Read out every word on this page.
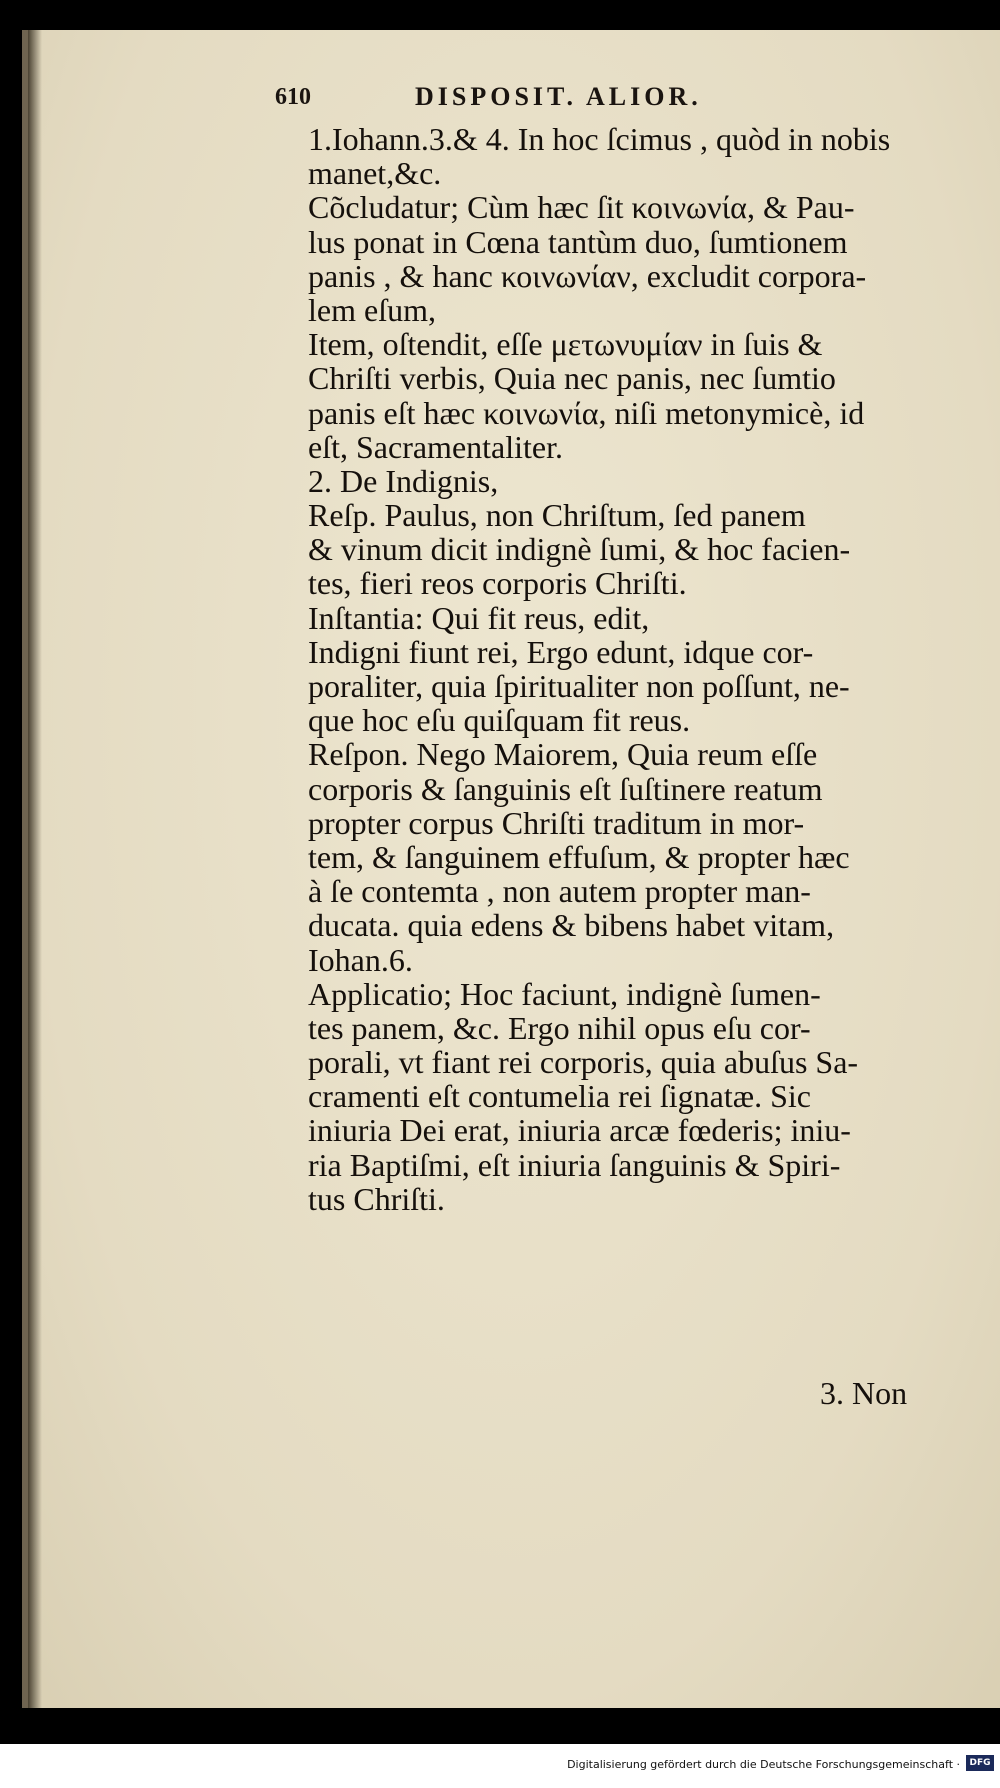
610	DISPOSIT. ALIOR.
1.Iohann.3.& 4. In hoc ſcimus , quòd in nobis
manet,&c.
Cõcludatur; Cùm hæc ſit κοινωνία, & Pau-
lus ponat in Cœna tantùm duo, ſumtionem
panis , & hanc κοινωνίαν, excludit corpora-
lem eſum,
Item, oſtendit, eſſe μετωνυμίαν in ſuis &
Chriſti verbis, Quia nec panis, nec ſumtio
panis eſt hæc κοινωνία, niſi metonymicè, id
eſt, Sacramentaliter.
2. De Indignis,
Reſp. Paulus, non Chriſtum, ſed panem
& vinum dicit indignè ſumi, & hoc facien-
tes, fieri reos corporis Chriſti.
Inſtantia: Qui fit reus, edit,
Indigni fiunt rei, Ergo edunt, idque cor-
poraliter, quia ſpiritualiter non poſſunt, ne-
que hoc eſu quiſquam fit reus.
Reſpon. Nego Maiorem, Quia reum eſſe
corporis & ſanguinis eſt ſuſtinere reatum
propter corpus Chriſti traditum in mor-
tem, & ſanguinem effuſum, & propter hæc
à ſe contemta , non autem propter man-
ducata. quia edens & bibens habet vitam,
Iohan.6.
Applicatio; Hoc faciunt, indignè ſumen-
tes panem, &c. Ergo nihil opus eſu cor-
porali, vt fiant rei corporis, quia abuſus Sa-
cramenti eſt contumelia rei ſignatæ. Sic
iniuria Dei erat, iniuria arcæ fœderis; iniu-
ria Baptiſmi, eſt iniuria ſanguinis & Spiri-
tus Chriſti.
3. Non
Digitalisierung gefördert durch die Deutsche Forschungsgemeinschaft ·	DFG
